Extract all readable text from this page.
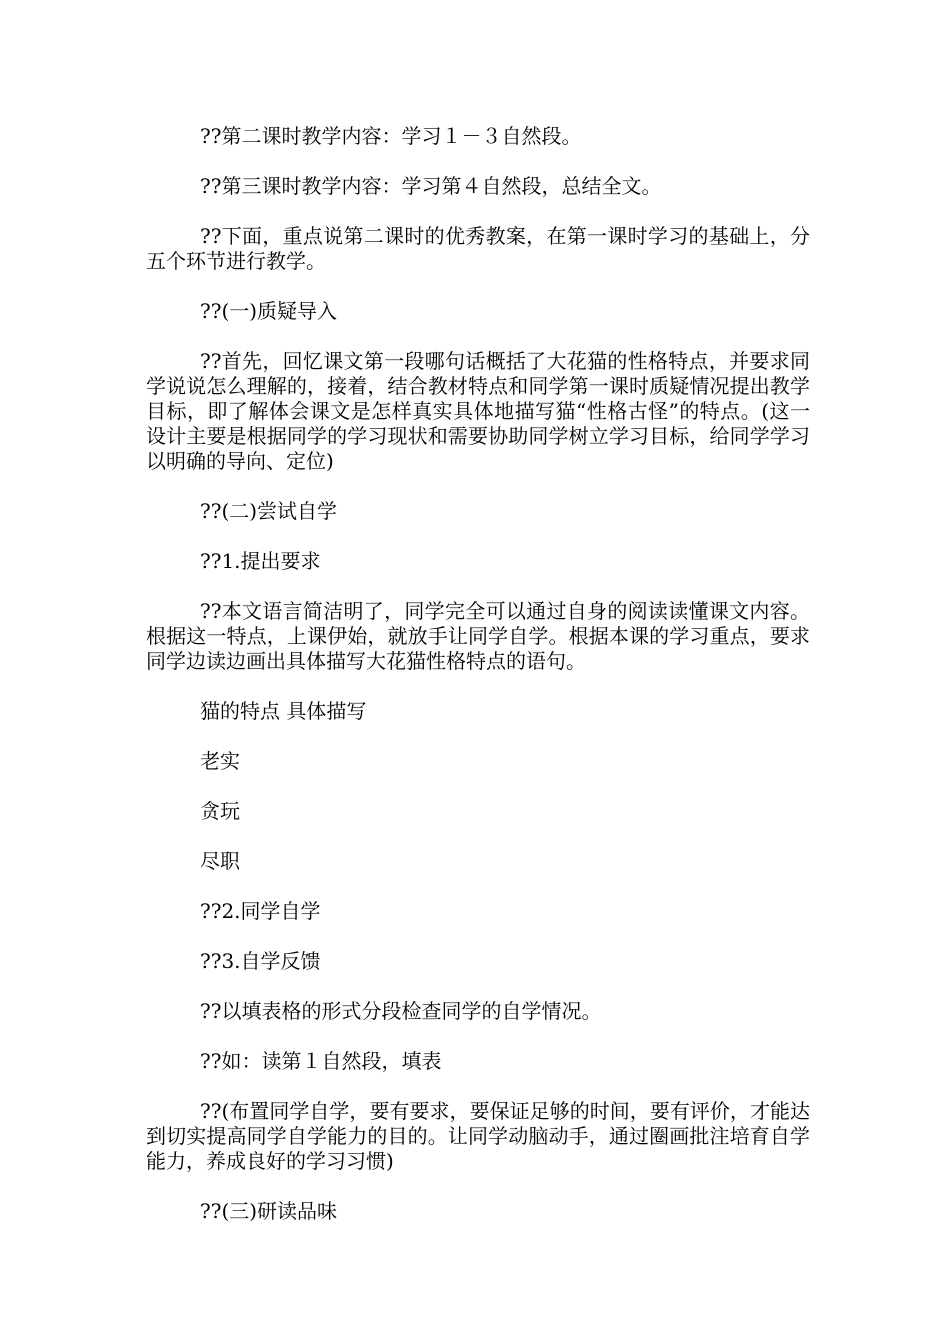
??第二课时教学内容：学习１－３自然段。

??第三课时教学内容：学习第４自然段，总结全文。

??下面，重点说第二课时的优秀教案，在第一课时学习的基础上，分五个环节进行教学。

??(一)质疑导入

??首先，回忆课文第一段哪句话概括了大花猫的性格特点，并要求同学说说怎么理解的，接着，结合教材特点和同学第一课时质疑情况提出教学目标，即了解体会课文是怎样真实具体地描写猫“性格古怪”的特点。(这一设计主要是根据同学的学习现状和需要协助同学树立学习目标，给同学学习以明确的导向、定位)

??(二)尝试自学

??1.提出要求

??本文语言简洁明了，同学完全可以通过自身的阅读读懂课文内容。根据这一特点，上课伊始，就放手让同学自学。根据本课的学习重点，要求同学边读边画出具体描写大花猫性格特点的语句。

猫的特点 具体描写

老实

贪玩

尽职

??2.同学自学

??3.自学反馈

??以填表格的形式分段检查同学的自学情况。

??如：读第１自然段，填表

??(布置同学自学，要有要求，要保证足够的时间，要有评价，才能达到切实提高同学自学能力的目的。让同学动脑动手，通过圈画批注培育自学能力，养成良好的学习习惯)

??(三)研读品味
